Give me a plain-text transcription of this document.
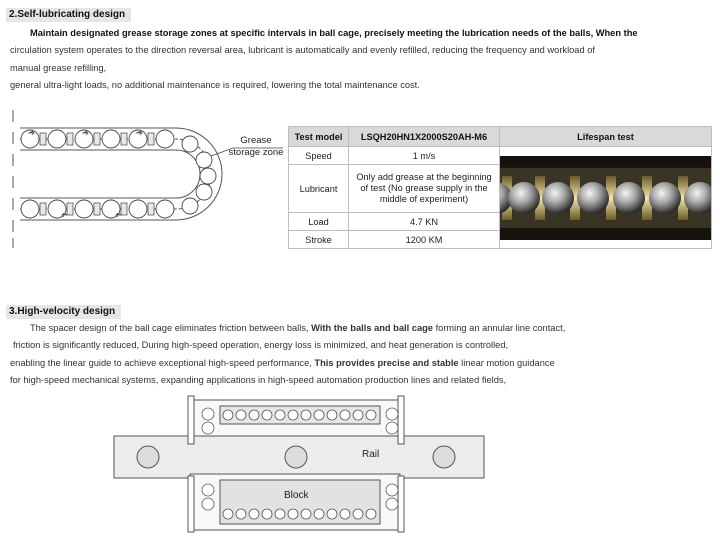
2.Self-lubricating design
Maintain designated grease storage zones at specific intervals in ball cage, precisely meeting the lubrication needs of the balls, When the
circulation system operates to the direction reversal area, lubricant is automatically and evenly refilled, reducing the frequency and workload of
manual grease refilling,
general ultra-light loads, no additional maintenance is required, lowering the total maintenance cost.
Grease
storage zone
Test model	LSQH20HN1X2000S20AH-M6	Lifespan test
Speed	1 m/s	

Lubricant	Only add grease at the beginning
of test (No grease supply in the
middle of experiment)	

Load	4.7 KN	
Stroke	1200 KM	
3.High-velocity design
The spacer design of the ball cage eliminates friction between balls, With the balls and ball cage forming an annular line contact,
friction is significantly reduced, During high-speed operation, energy loss is minimized, and heat generation is controlled,
enabling the linear guide to achieve exceptional high-speed performance, This provides precise and stable linear motion guidance
for high-speed mechanical systems, expanding applications in high-speed automation production lines and related fields,
Rail
Block
